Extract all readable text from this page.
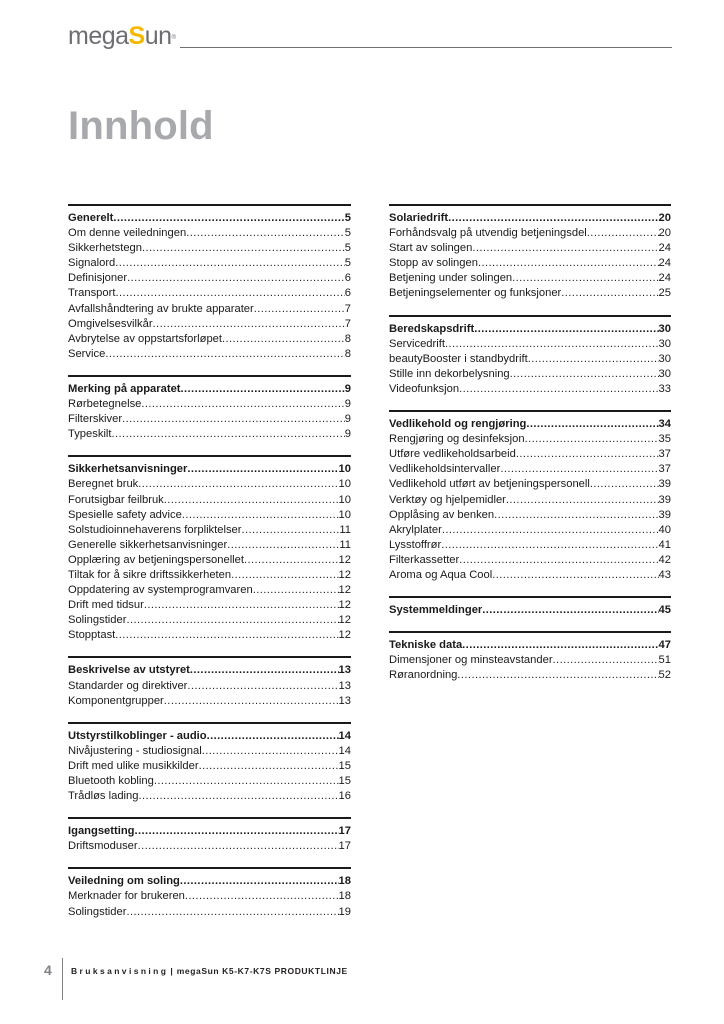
megaSun®
Innhold
Generelt .....	5
Om denne veiledningen .....	5
Sikkerhetstegn .....	5
Signalord .....	5
Definisjoner .....	6
Transport .....	6
Avfallshåndtering av brukte apparater .....	7
Omgivelsesvilkår .....	7
Avbrytelse av oppstartsforløpet .....	8
Service .....	8
Merking på apparatet .....	9
Rørbetegnelse .....	9
Filterskiver .....	9
Typeskilt .....	9
Sikkerhetsanvisninger .....	10
Beregnet bruk .....	10
Forutsigbar feilbruk .....	10
Spesielle safety advice .....	10
Solstudioinnehaverens forpliktelser .....	11
Generelle sikkerhetsanvisninger .....	11
Opplæring av betjeningspersonellet .....	12
Tiltak for å sikre driftssikkerheten .....	12
Oppdatering av systemprogramvaren .....	12
Drift med tidsur .....	12
Solingstider .....	12
Stopptast .....	12
Beskrivelse av utstyret .....	13
Standarder og direktiver .....	13
Komponentgrupper .....	13
Utstyrstilkoblinger - audio .....	14
Nivåjustering - studiosignal .....	14
Drift med ulike musikkilder .....	15
Bluetooth kobling .....	15
Trådløs lading .....	16
Igangsetting .....	17
Driftsmoduser .....	17
Veiledning om soling .....	18
Merknader for brukeren .....	18
Solingstider .....	19
Solariedrift .....	20
Forhåndsvalg på utvendig betjeningsdel .....	20
Start av solingen .....	24
Stopp av solingen .....	24
Betjening under solingen .....	24
Betjeningselementer og funksjoner .....	25
Beredskapsdrift .....	30
Servicedrift .....	30
beautyBooster i standbydrift .....	30
Stille inn dekorbelysning .....	30
Videofunksjon .....	33
Vedlikehold og rengjøring .....	34
Rengjøring og desinfeksjon .....	35
Utføre vedlikeholdsarbeid .....	37
Vedlikeholdsintervaller .....	37
Vedlikehold utført av betjeningspersonell .....	39
Verktøy og hjelpemidler .....	39
Opplåsing av benken .....	39
Akrylplater .....	40
Lysstoffrør .....	41
Filterkassetter .....	42
Aroma og Aqua Cool .....	43
Systemmeldinger .....	45
Tekniske data .....	47
Dimensjoner og minsteavstander .....	51
Røranordning .....	52
4 Bruksanvisning | megaSun K5-K7-K7S PRODUKTLINJE
